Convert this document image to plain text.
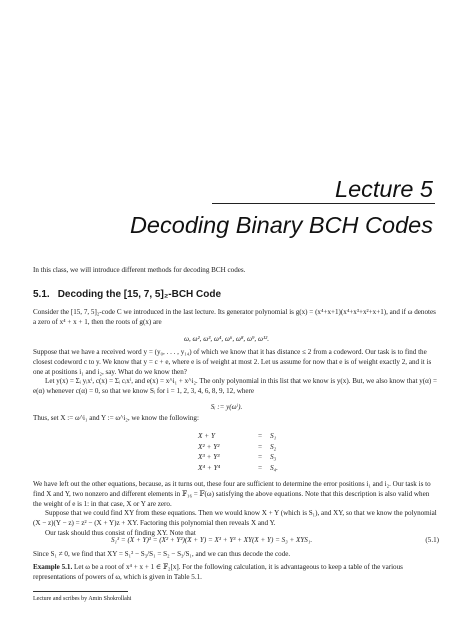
Lecture 5
Decoding Binary BCH Codes

In this class, we will introduce different methods for decoding BCH codes.

5.1. Decoding the [15, 7, 5]₂-BCH Code

Consider the [15, 7, 5]₂-code C we introduced in the last lecture. Its generator polynomial is g(x) = (x⁴+x+1)(x⁴+x³+x²+x+1), and if ω denotes a zero of x⁴ + x + 1, then the roots of g(x) are

ω, ω², ω³, ω⁴, ω⁶, ω⁸, ω⁹, ω¹².

Suppose that we have a received word y = (y₀, . . . , y₁₄) of which we know that it has distance ≤ 2 from a codeword. Our task is to find the closest codeword c to y. We know that y = c + e, where e is of weight at most 2. Let us assume for now that e is of weight exactly 2, and it is one at positions i₁ and i₂, say. What do we know then?

Let y(x) = Σᵢ yᵢxⁱ, c(x) = Σᵢ cᵢxⁱ, and e(x) = x^i₁ + x^i₂. The only polynomial in this list that we know is y(x). But, we also know that y(α) = e(α) whenever c(α) = 0, so that we know Sᵢ for i = 1, 2, 3, 4, 6, 8, 9, 12, where

Sᵢ := y(ωⁱ).

Thus, set X := ω^i₁ and Y := ω^i₂, we know the following:

X + Y	= S₁
X² + Y²	= S₂
X³ + Y³	= S₃
X⁴ + Y⁴	= S₄.

We have left out the other equations, because, as it turns out, these four are sufficient to determine the error positions i₁ and i₂. Our task is to find X and Y, two nonzero and different elements in 𝔽₁₆ = 𝔽(ω) satisfying the above equations. Note that this description is also valid when the weight of e is 1: in that case, X or Y are zero.

Suppose that we could find XY from these equations. Then we would know X + Y (which is S₁), and XY, so that we know the polynomial (X − z)(Y − z) = z² − (X + Y)z + XY. Factoring this polynomial then reveals X and Y.

Our task should thus consist of finding XY. Note that

S₁³ = (X + Y)³ = (X² + Y²)(X + Y) = X³ + Y³ + XY(X + Y) = S₃ + XYS₁.	(5.1)

Since S₁ ≠ 0, we find that XY = S₁² − S₃/S₁ = S₂ − S₃/S₁, and we can thus decode the code.

Example 5.1. Let ω be a root of x⁴ + x + 1 ∈ 𝔽₂[x]. For the following calculation, it is advantageous to keep a table of the various representations of powers of ω, which is given in Table 5.1.

Lecture and scribes by Amin Shokrollahi
